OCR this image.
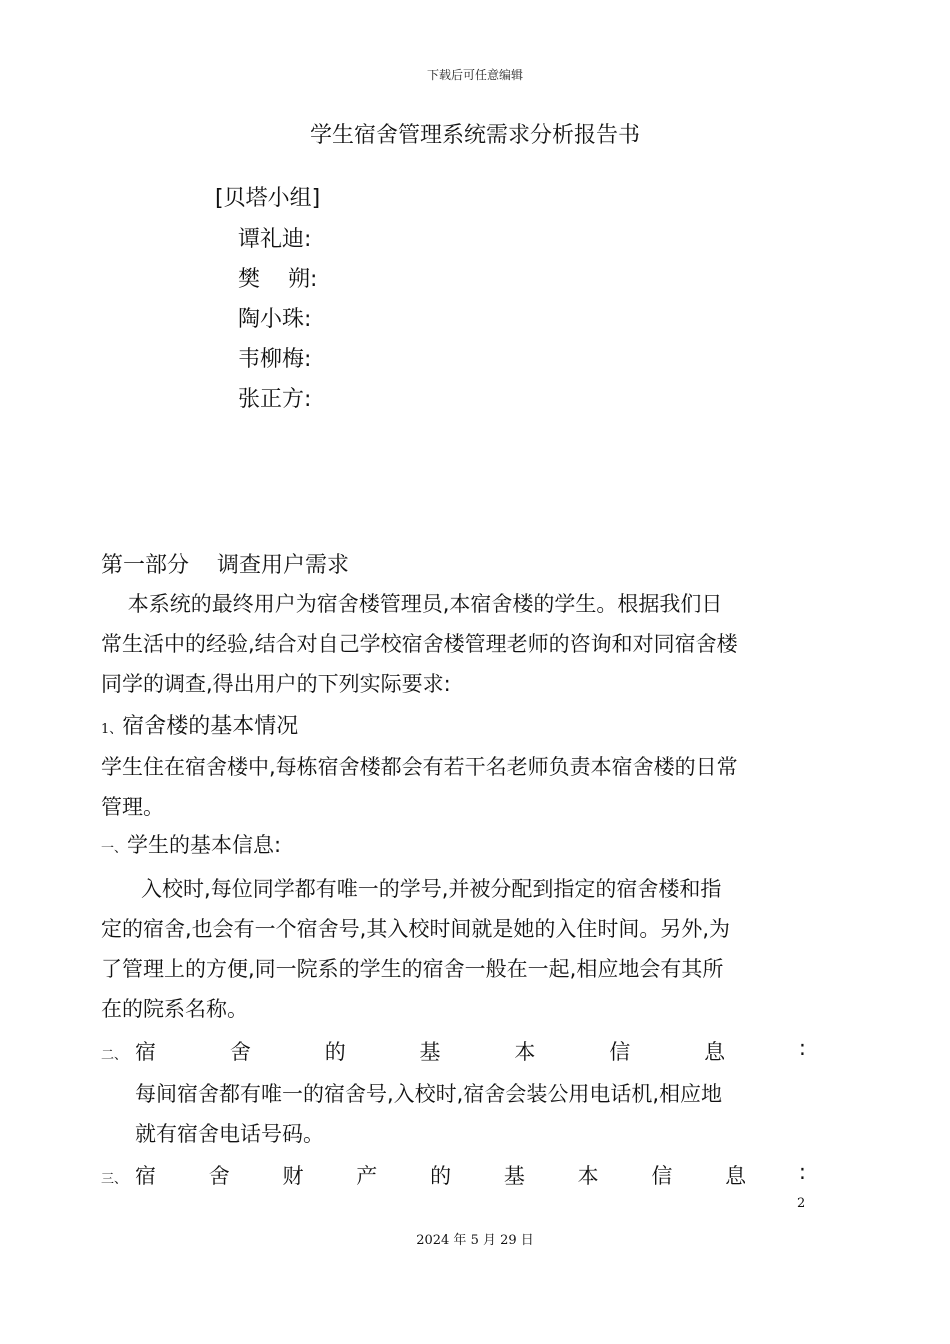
下载后可任意编辑
学生宿舍管理系统需求分析报告书
[贝塔小组]
谭礼迪:
樊    朔:
陶小珠:
韦柳梅:
张正方:
第一部分    调查用户需求
本系统的最终用户为宿舍楼管理员,本宿舍楼的学生。根据我们日
常生活中的经验,结合对自己学校宿舍楼管理老师的咨询和对同宿舍楼
同学的调查,得出用户的下列实际要求:
1、宿舍楼的基本情况
学生住在宿舍楼中,每栋宿舍楼都会有若干名老师负责本宿舍楼的日常
管理。
一、学生的基本信息:
入校时,每位同学都有唯一的学号,并被分配到指定的宿舍楼和指
定的宿舍,也会有一个宿舍号,其入校时间就是她的入住时间。另外,为
了管理上的方便,同一院系的学生的宿舍一般在一起,相应地会有其所
在的院系名称。
二、 宿	舍	的	基	本	信	息	:
每间宿舍都有唯一的宿舍号,入校时,宿舍会装公用电话机,相应地
就有宿舍电话号码。
三、 宿	舍	财	产	的	基	本	信	息	:
2
2024 年 5 月 29 日
